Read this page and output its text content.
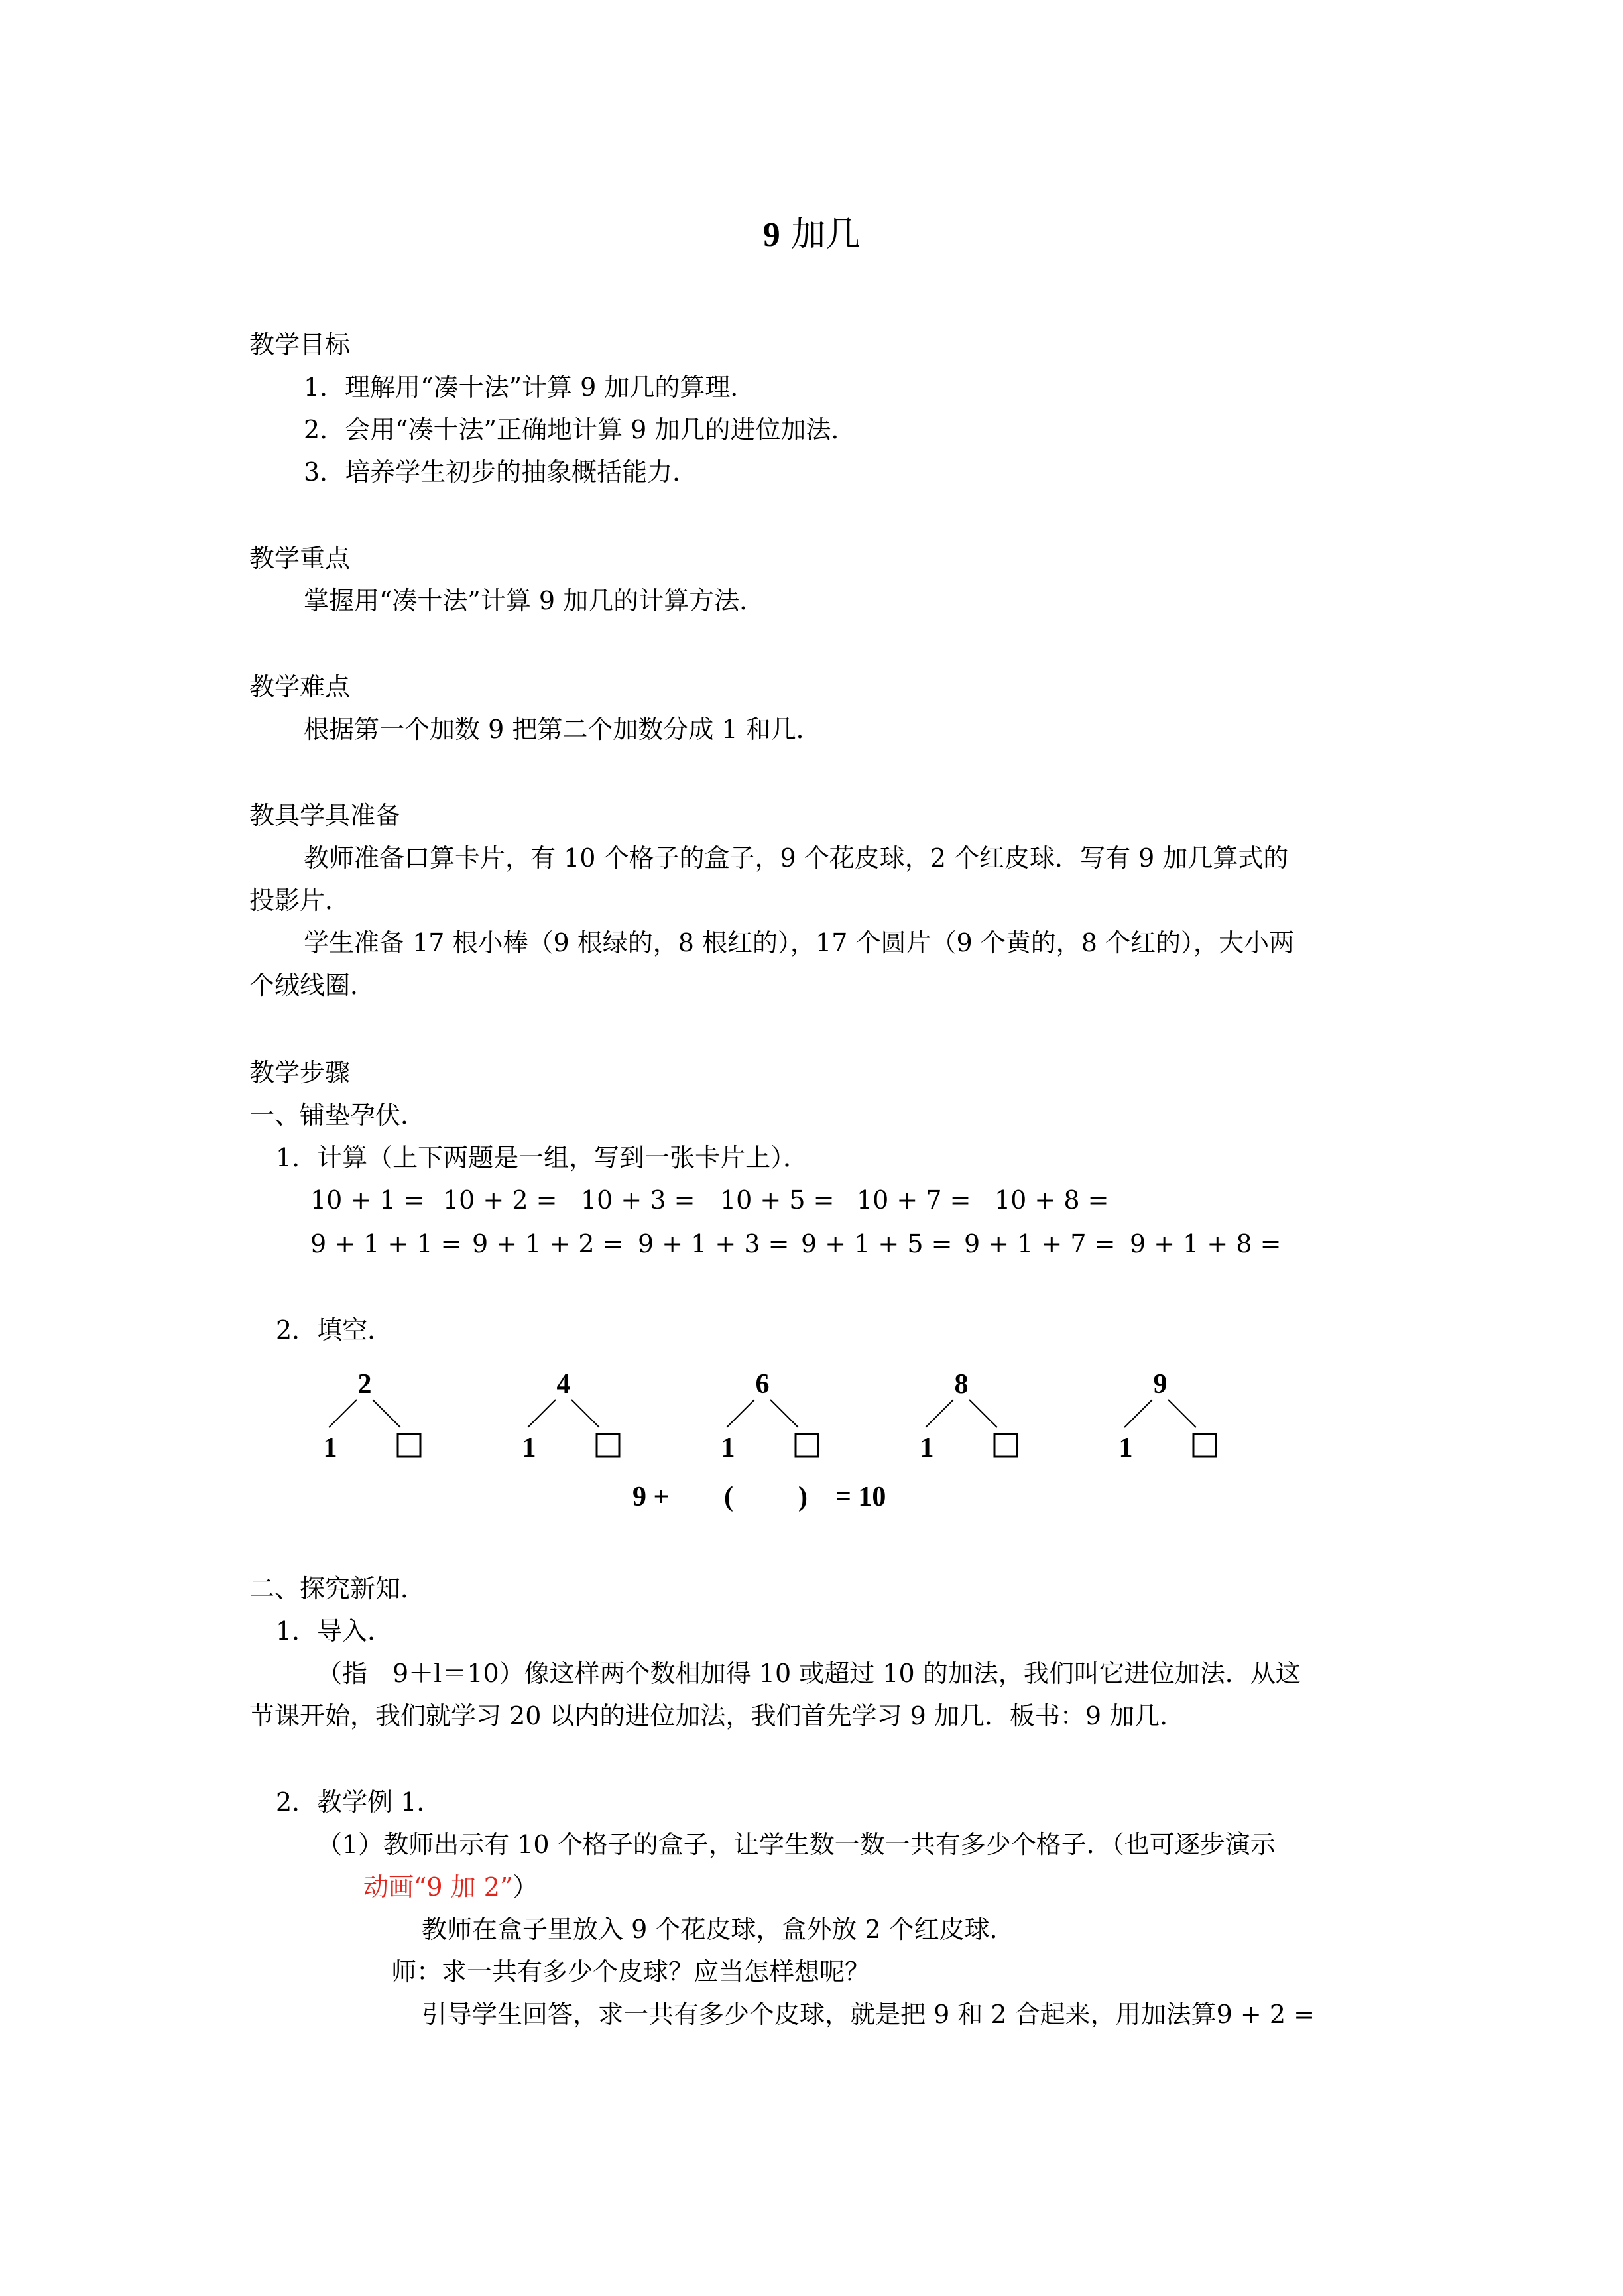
9 加几
教学目标
1．理解用“凑十法”计算 9 加几的算理．
2．会用“凑十法”正确地计算 9 加几的进位加法．
3．培养学生初步的抽象概括能力．
教学重点
掌握用“凑十法”计算 9 加几的计算方法．
教学难点
根据第一个加数 9 把第二个加数分成 1 和几．
教具学具准备
教师准备口算卡片，有 10 个格子的盒子，9 个花皮球，2 个红皮球．写有 9 加几算式的
投影片．
学生准备 17 根小棒（9 根绿的，8 根红的），17 个圆片（9 个黄的，8 个红的），大小两
个绒线圈．
教学步骤
一、铺垫孕伏．
1．计算（上下两题是一组，写到一张卡片上）．
10 + 1 = 10 + 2 = 10 + 3 = 10 + 5 = 10 + 7 = 10 + 8 =
9 + 1 + 1 = 9 + 1 + 2 = 9 + 1 + 3 = 9 + 1 + 5 = 9 + 1 + 7 = 9 + 1 + 8 =
2．填空．
2
1
4
1
6
1
8
1
9
1
9 + ( ) = 10
二、探究新知．
1．导入．
（指　9＋l＝10）像这样两个数相加得 10 或超过 10 的加法，我们叫它进位加法．从这
节课开始，我们就学习 20 以内的进位加法，我们首先学习 9 加几．板书：9 加几．
2．教学例 1．
（1）教师出示有 10 个格子的盒子，让学生数一数一共有多少个格子．（也可逐步演示
动画“9 加 2”）
教师在盒子里放入 9 个花皮球，盒外放 2 个红皮球．
师：求一共有多少个皮球？应当怎样想呢？
引导学生回答，求一共有多少个皮球，就是把 9 和 2 合起来，用加法算9 + 2 =
